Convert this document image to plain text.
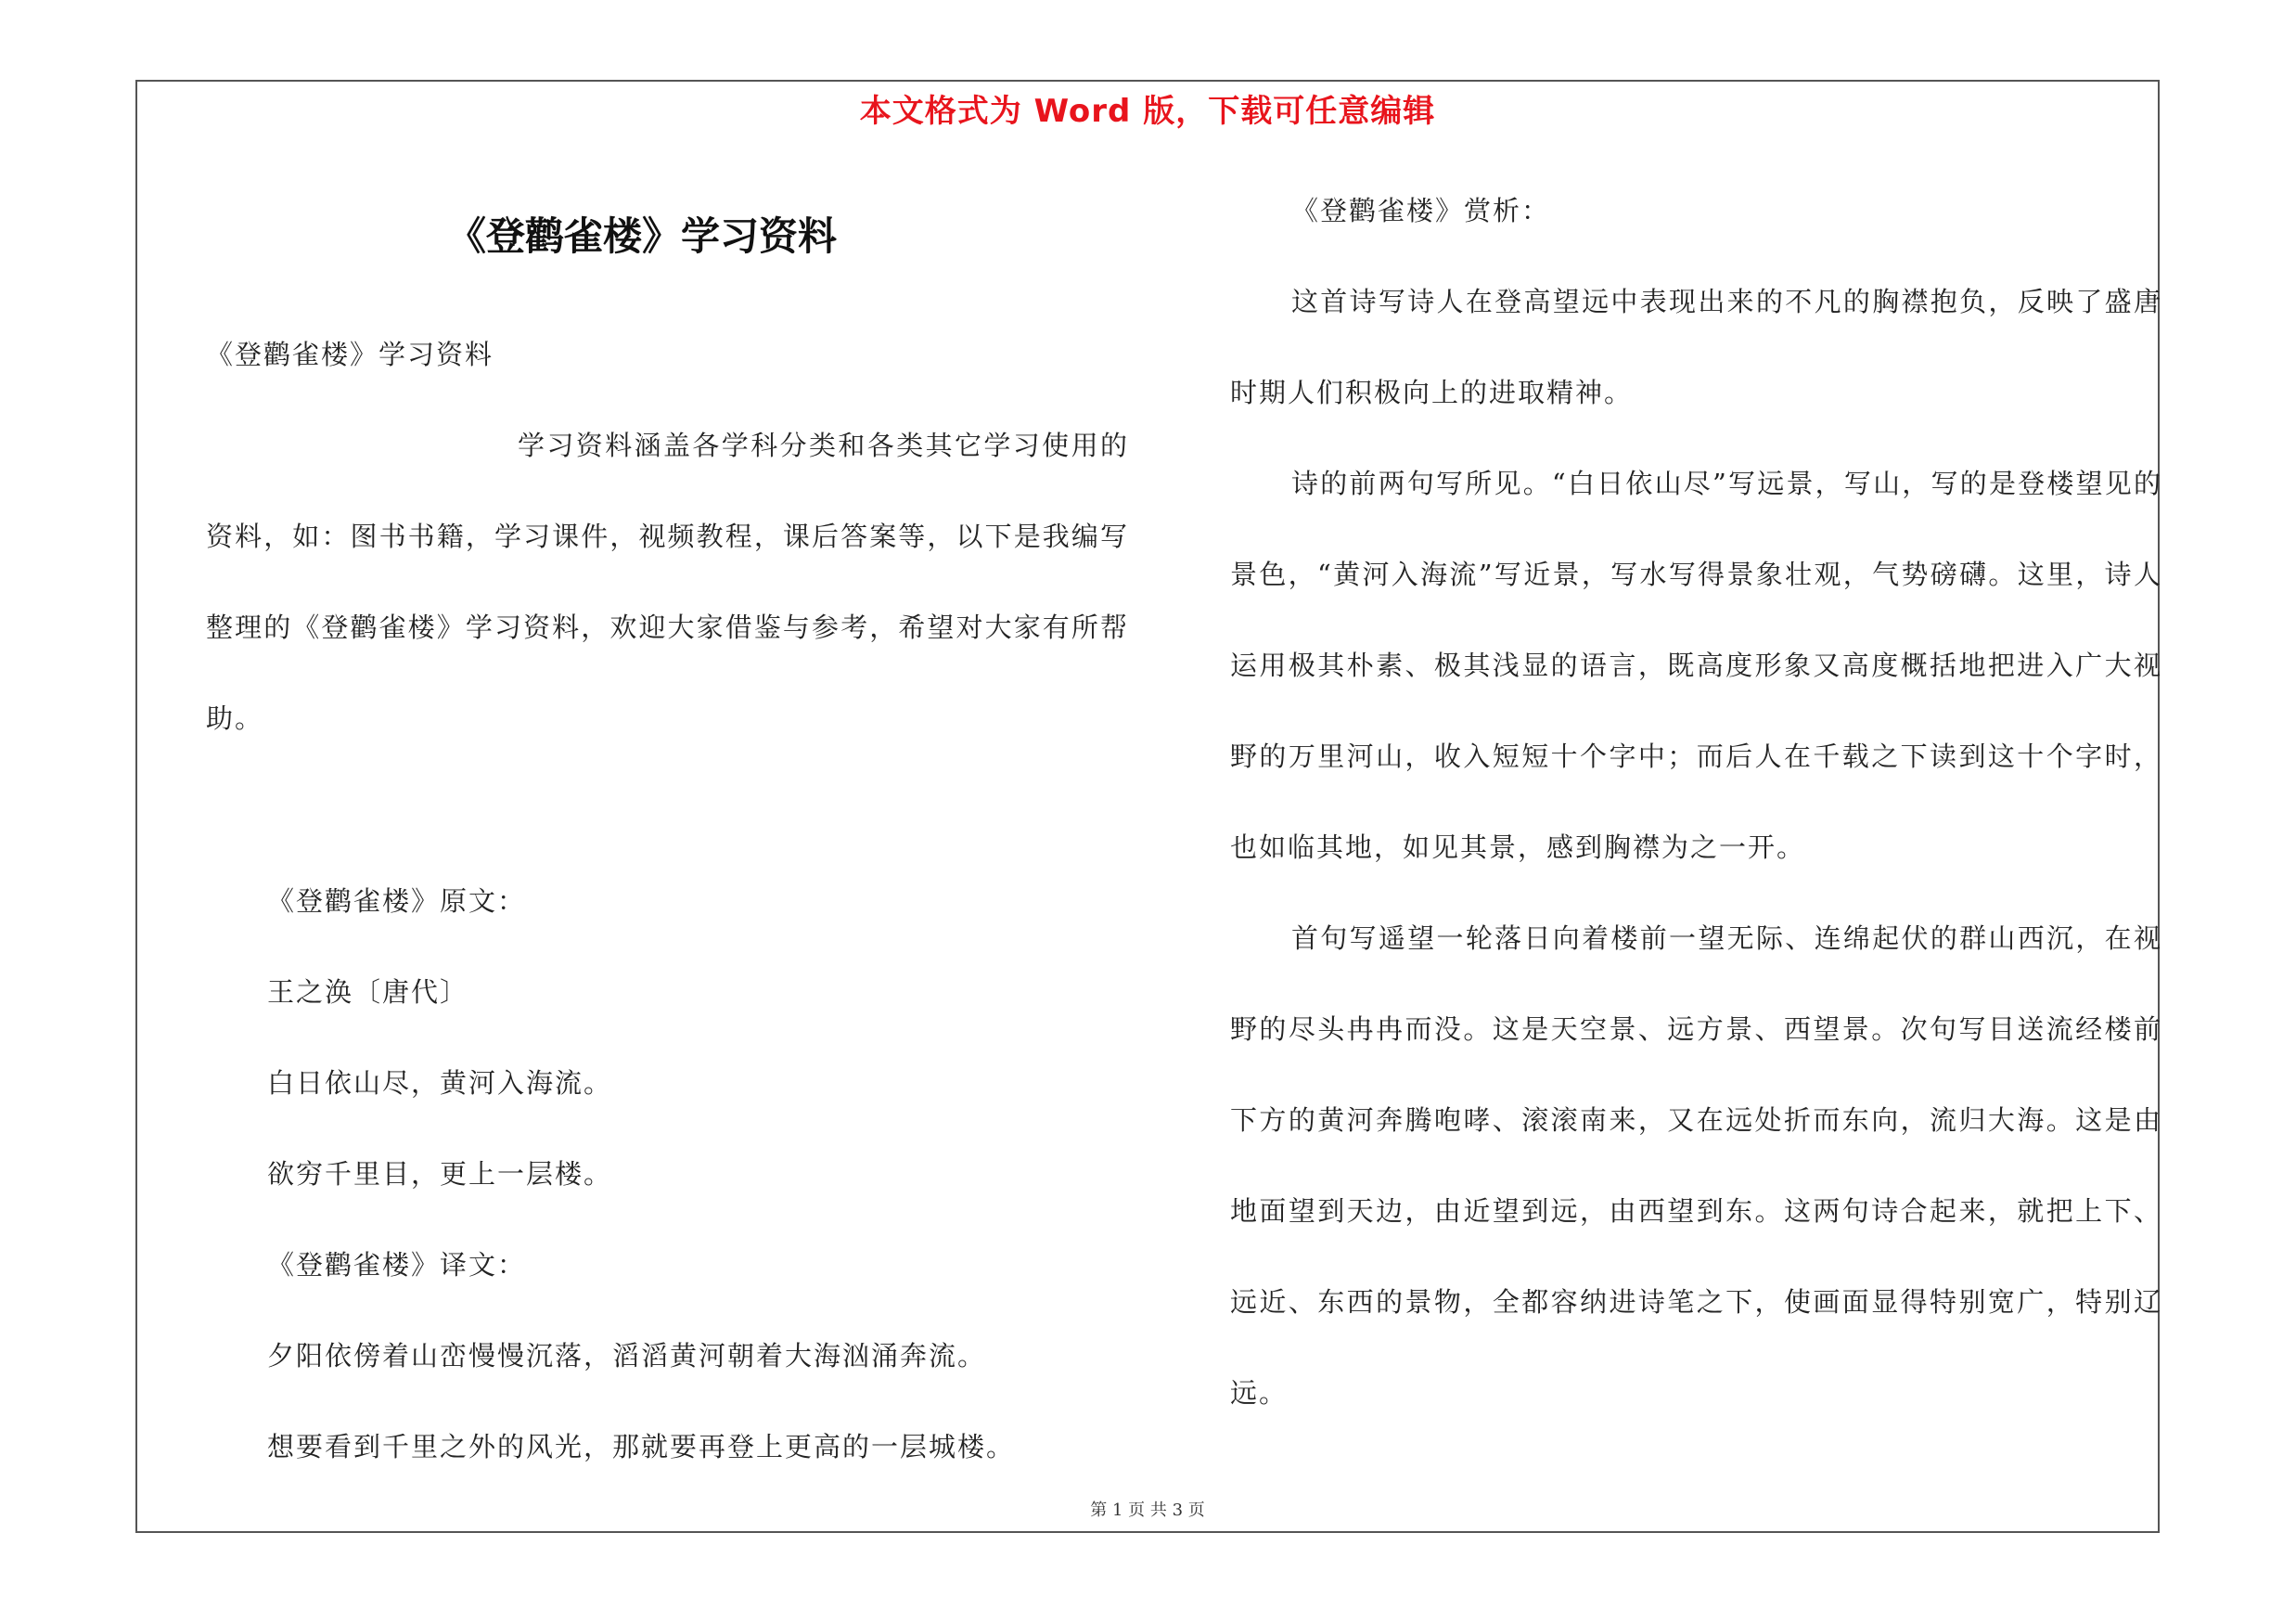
本文格式为 Word 版，下载可任意编辑
《登鹳雀楼》学习资料
《登鹳雀楼》学习资料
学习资料涵盖各学科分类和各类其它学习使用的资料，如：图书书籍，学习课件，视频教程，课后答案等，以下是我编写整理的《登鹳雀楼》学习资料，欢迎大家借鉴与参考，希望对大家有所帮助。
《登鹳雀楼》原文：
王之涣〔唐代〕
白日依山尽，黄河入海流。
欲穷千里目，更上一层楼。
《登鹳雀楼》译文：
夕阳依傍着山峦慢慢沉落，滔滔黄河朝着大海汹涌奔流。
想要看到千里之外的风光，那就要再登上更高的一层城楼。
《登鹳雀楼》赏析：
这首诗写诗人在登高望远中表现出来的不凡的胸襟抱负，反映了盛唐时期人们积极向上的进取精神。
诗的前两句写所见。“白日依山尽”写远景，写山，写的是登楼望见的景色，“黄河入海流”写近景，写水写得景象壮观，气势磅礴。这里，诗人运用极其朴素、极其浅显的语言，既高度形象又高度概括地把进入广大视野的万里河山，收入短短十个字中；而后人在千载之下读到这十个字时，也如临其地，如见其景，感到胸襟为之一开。
首句写遥望一轮落日向着楼前一望无际、连绵起伏的群山西沉，在视野的尽头冉冉而没。这是天空景、远方景、西望景。次句写目送流经楼前下方的黄河奔腾咆哮、滚滚南来，又在远处折而东向，流归大海。这是由地面望到天边，由近望到远，由西望到东。这两句诗合起来，就把上下、远近、东西的景物，全都容纳进诗笔之下，使画面显得特别宽广，特别辽远。
第 1 页 共 3 页
